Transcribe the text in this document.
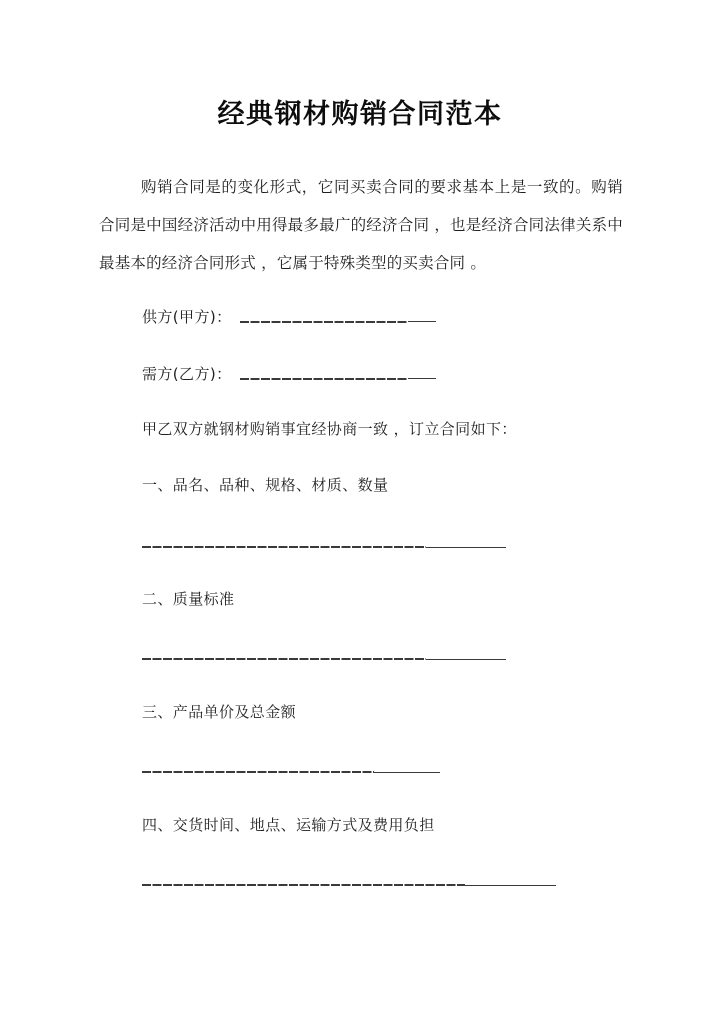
经典钢材购销合同范本
购销合同是的变化形式，它同买卖合同的要求基本上是一致的。购销合同是中国经济活动中用得最多最广的经济合同 ，也是经济合同法律关系中最基本的经济合同形式 ，它属于特殊类型的买卖合同 。
供方(甲方)：
需方(乙方)：
甲乙双方就钢材购销事宜经协商一致 ，订立合同如下：
一、品名、品种、规格、材质、数量
二、质量标准
三、产品单价及总金额
四、交货时间、地点、运输方式及费用负担
